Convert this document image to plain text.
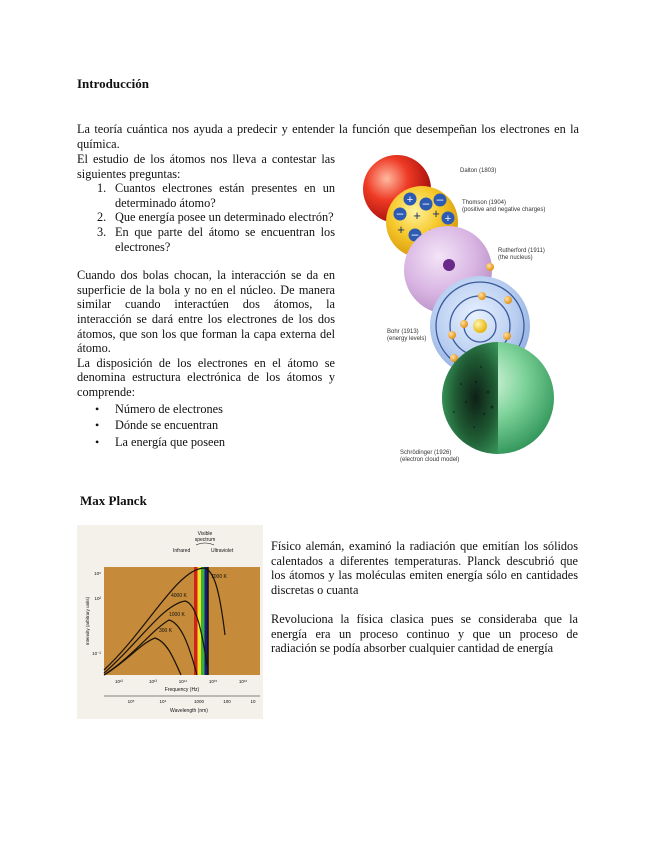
Introducción
La teoría cuántica nos ayuda a predecir y entender la función que desempeñan los electrones en la química.
El estudio de los átomos nos lleva a contestar las siguientes preguntas:
1. Cuantos electrones están presentes en un determinado átomo?
2. Que energía posee un determinado electrón?
3. En que parte del átomo se encuentran los electrones?
Cuando dos bolas chocan, la interacción se da en superficie de la bola y no en el núcleo. De manera similar cuando interactúen dos átomos, la interacción se dará entre los electrones de los dos átomos, que son los que forman la capa externa del átomo.
La disposición de los electrones en el átomo se denomina estructura electrónica de los átomos y comprende:
• Número de electrones
• Dónde se encuentran
• La energía que poseen
+ – –
– + + +
+ –
Dalton (1803)
Thomson (1904)
(positive and negative charges)
Rutherford (1911)
(the nucleus)
Bohr (1913)
(energy levels)
Schrödinger (1926)
(electron cloud model)
Max Planck
7000 K
4000 K
1000 K
300 K
Visible
spectrum
Infrared	Ultraviolet
Intensity (arbitrary units)
10⁶
10²
10⁻²
10¹²	10¹³	10¹⁴	10¹⁵	10¹⁶
Frequency (Hz)
10⁵	10⁴	1000	100	10
Wavelength (nm)
Físico alemán, examinó la radiación que emitían los sólidos calentados a diferentes temperaturas. Planck descubrió que los átomos y las moléculas emiten energía sólo en cantidades discretas o cuanta
Revoluciona la física clasica pues se consideraba que la energía era un proceso continuo y que un proceso de radiación se podía absorber cualquier cantidad de energía
